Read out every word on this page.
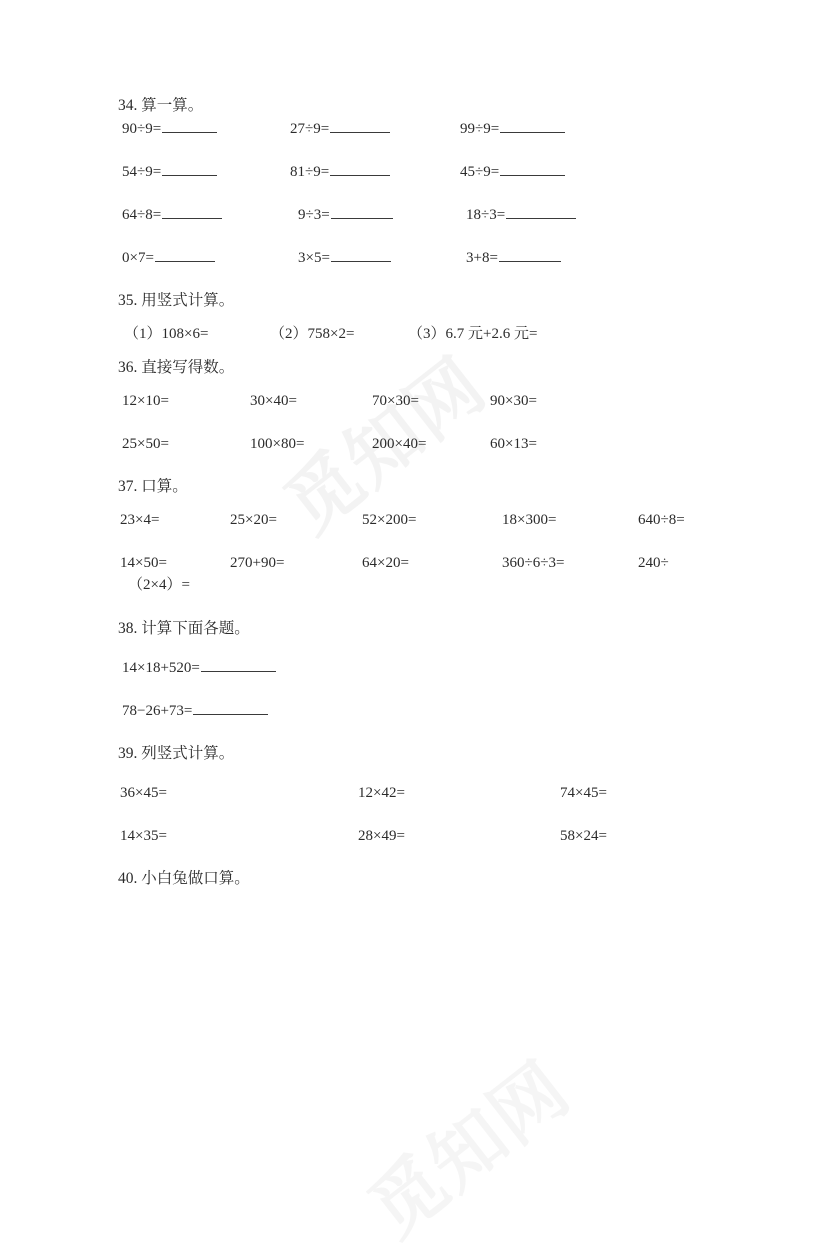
34. 算一算。
90÷9=	27÷9=	99÷9=
54÷9=	81÷9=	45÷9=
64÷8=	9÷3=	18÷3=
0×7=	3×5=	3+8=
35. 用竖式计算。
（1）108×6=	（2）758×2=	（3）6.7 元+2.6 元=
36. 直接写得数。
12×10=	30×40=	70×30=	90×30=
25×50=	100×80=	200×40=	60×13=
37. 口算。
23×4=	25×20=	52×200=	18×300=	640÷8=
14×50=	270+90=	64×20=	360÷6÷3=	240÷
（2×4）=
38. 计算下面各题。
14×18+520=
78−26+73=
39. 列竖式计算。
36×45=	12×42=	74×45=
14×35=	28×49=	58×24=
40. 小白兔做口算。
